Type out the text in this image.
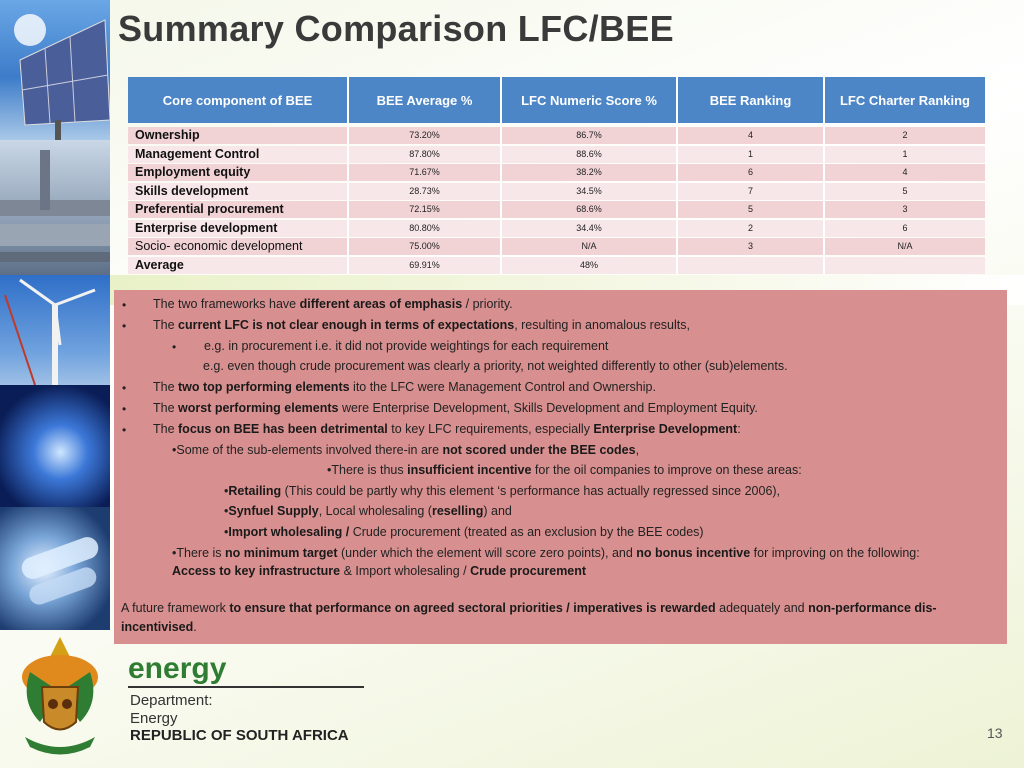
Summary Comparison LFC/BEE
Core component of BEE	BEE Average %	LFC Numeric Score %	BEE Ranking	LFC Charter Ranking
Ownership	73.20%	86.7%	4	2
Management Control	87.80%	88.6%	1	1
Employment equity	71.67%	38.2%	6	4
Skills development	28.73%	34.5%	7	5
Preferential procurement	72.15%	68.6%	5	3
Enterprise development	80.80%	34.4%	2	6
Socio- economic development	75.00%	N/A	3	N/A
Average	69.91%	48%
• The two frameworks have different areas of emphasis / priority.
• The current LFC is not clear enough in terms of expectations, resulting in anomalous results,
• e.g. in procurement i.e. it did not provide weightings for each requirement
e.g. even though crude procurement was clearly a priority, not weighted differently to other (sub)elements.
• The two top performing elements ito the LFC were Management Control and Ownership.
• The worst performing elements were Enterprise Development, Skills Development and Employment Equity.
• The focus on BEE has been detrimental to key LFC requirements, especially Enterprise Development:
•Some of the sub-elements involved there-in are not scored under the BEE codes,
•There is thus insufficient incentive for the oil companies to improve on these areas:
•Retailing (This could be partly why this element ‘s performance has actually regressed since 2006),
•Synfuel Supply, Local wholesaling (reselling) and
•Import wholesaling / Crude procurement (treated as an exclusion by the BEE codes)
•There is no minimum target (under which the element will score zero points), and no bonus incentive for improving on the following:
Access to key infrastructure & Import wholesaling / Crude procurement
A future framework to ensure that performance on agreed sectoral priorities / imperatives is rewarded adequately and non-performance dis-
incentivised.
energy
Department:
Energy
REPUBLIC OF SOUTH AFRICA	13
